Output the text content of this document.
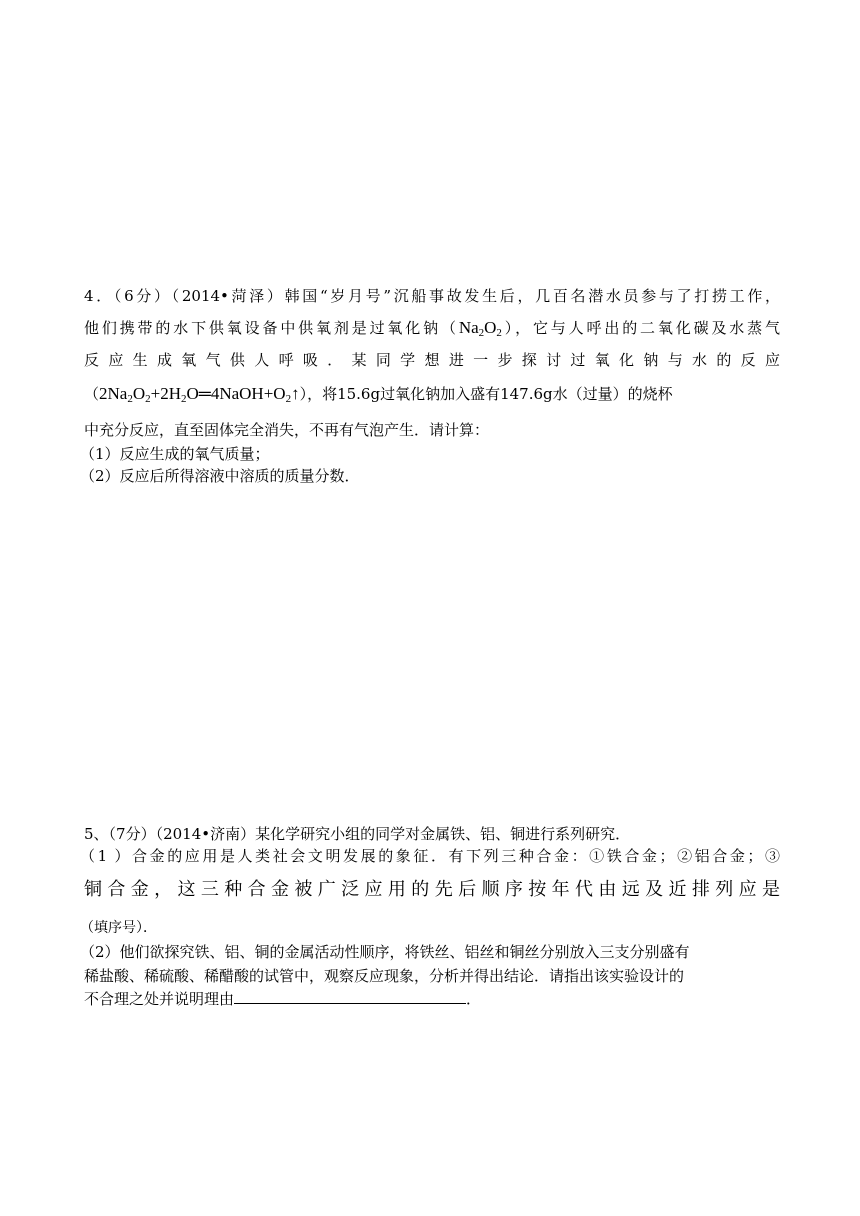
4．（6分）（2014•菏泽）韩国“岁月号”沉船事故发生后，几百名潜水员参与了打捞工作，
他们携带的水下供氧设备中供氧剂是过氧化钠$(Na_2O_2)$，它与人呼出的二氧化碳及水蒸气
反应生成氧气供人呼吸．某同学想进一步探讨过氧化钠与水的反应
$(2Na_2O_2+2H_2O═4NaOH+O_2↑)$，将15.6g过氧化钠加入盛有147.6g水（过量）的烧杯
中充分反应，直至固体完全消失，不再有气泡产生．请计算：
（1）反应生成的氧气质量；
（2）反应后所得溶液中溶质的质量分数．
5、（7分）（2014•济南）某化学研究小组的同学对金属铁、铝、铜进行系列研究．
（1 ）合金的应用是人类社会文明发展的象征．有下列三种合金：①铁合金；②铝合金；③
铜合金，这三种合金被广泛应用的先后顺序按年代由远及近排列应是
（填序号）．
（2）他们欲探究铁、铝、铜的金属活动性顺序，将铁丝、铝丝和铜丝分别放入三支分别盛有
稀盐酸、稀硫酸、稀醋酸的试管中，观察反应现象，分析并得出结论．请指出该实验设计的
不合理之处并说明理由	．
